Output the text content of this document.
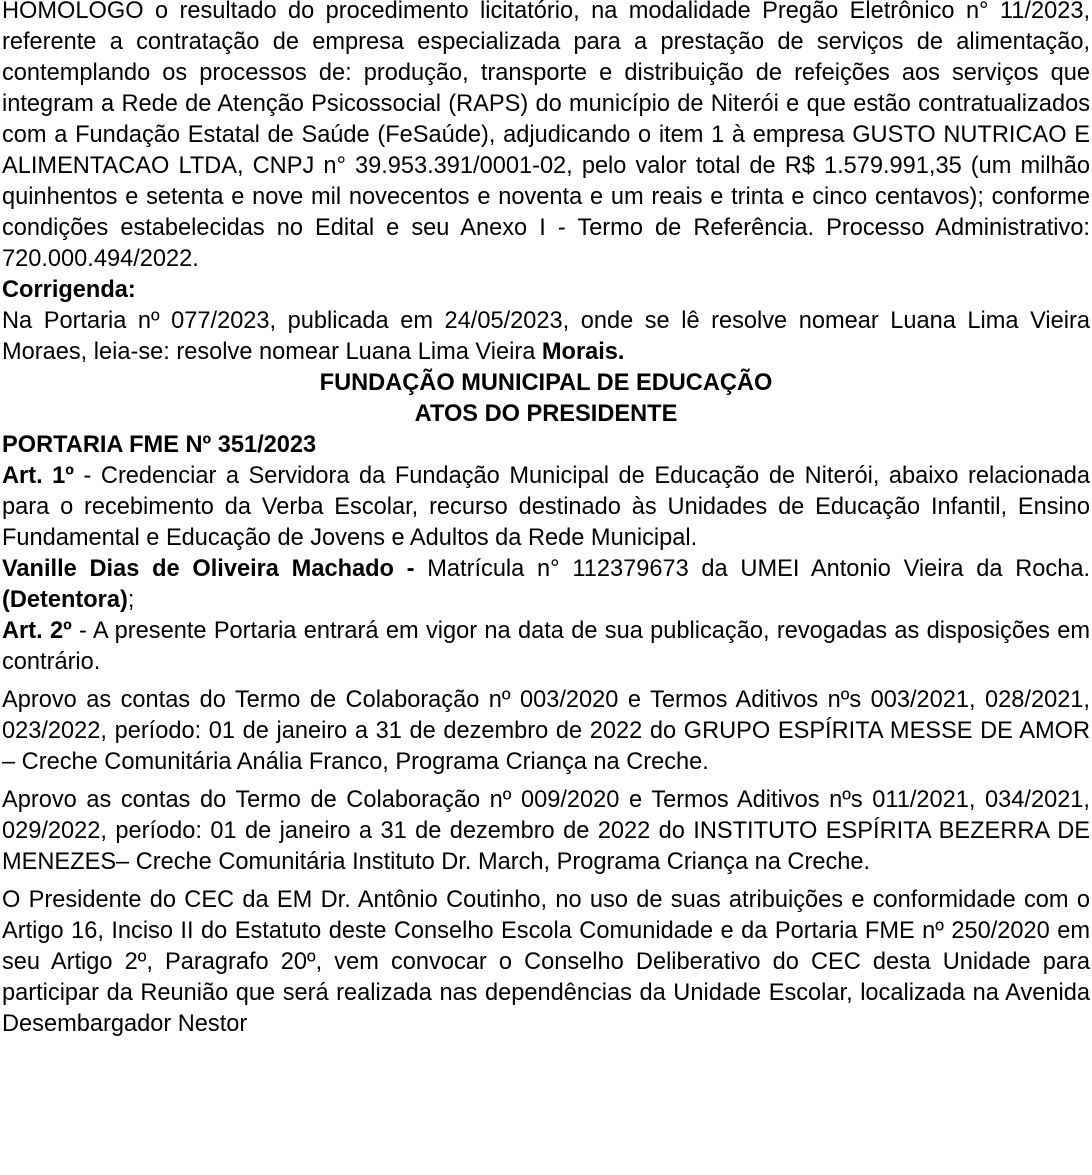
HOMOLOGO o resultado do procedimento licitatório, na modalidade Pregão Eletrônico n° 11/2023, referente a contratação de empresa especializada para a prestação de serviços de alimentação, contemplando os processos de: produção, transporte e distribuição de refeições aos serviços que integram a Rede de Atenção Psicossocial (RAPS) do município de Niterói e que estão contratualizados com a Fundação Estatal de Saúde (FeSaúde), adjudicando o item 1 à empresa GUSTO NUTRICAO E ALIMENTACAO LTDA, CNPJ n° 39.953.391/0001-02, pelo valor total de R$ 1.579.991,35 (um milhão quinhentos e setenta e nove mil novecentos e noventa e um reais e trinta e cinco centavos); conforme condições estabelecidas no Edital e seu Anexo I - Termo de Referência. Processo Administrativo: 720.000.494/2022.

Corrigenda:

Na Portaria nº 077/2023, publicada em 24/05/2023, onde se lê resolve nomear Luana Lima Vieira Moraes, leia-se: resolve nomear Luana Lima Vieira Morais.

FUNDAÇÃO MUNICIPAL DE EDUCAÇÃO

ATOS DO PRESIDENTE

PORTARIA FME Nº 351/2023

Art. 1º - Credenciar a Servidora da Fundação Municipal de Educação de Niterói, abaixo relacionada para o recebimento da Verba Escolar, recurso destinado às Unidades de Educação Infantil, Ensino Fundamental e Educação de Jovens e Adultos da Rede Municipal.

Vanille Dias de Oliveira Machado - Matrícula n° 112379673 da UMEI Antonio Vieira da Rocha. (Detentora);

Art. 2º - A presente Portaria entrará em vigor na data de sua publicação, revogadas as disposições em contrário.

Aprovo as contas do Termo de Colaboração nº 003/2020 e Termos Aditivos nºs 003/2021, 028/2021, 023/2022, período: 01 de janeiro a 31 de dezembro de 2022 do GRUPO ESPÍRITA MESSE DE AMOR – Creche Comunitária Anália Franco, Programa Criança na Creche.

Aprovo as contas do Termo de Colaboração nº 009/2020 e Termos Aditivos nºs 011/2021, 034/2021, 029/2022, período: 01 de janeiro a 31 de dezembro de 2022 do INSTITUTO ESPÍRITA BEZERRA DE MENEZES– Creche Comunitária Instituto Dr. March, Programa Criança na Creche.

O Presidente do CEC da EM Dr. Antônio Coutinho, no uso de suas atribuições e conformidade com o Artigo 16, Inciso II do Estatuto deste Conselho Escola Comunidade e da Portaria FME nº 250/2020 em seu Artigo 2º, Paragrafo 20º, vem convocar o Conselho Deliberativo do CEC desta Unidade para participar da Reunião que será realizada nas dependências da Unidade Escolar, localizada na Avenida Desembargador Nestor
